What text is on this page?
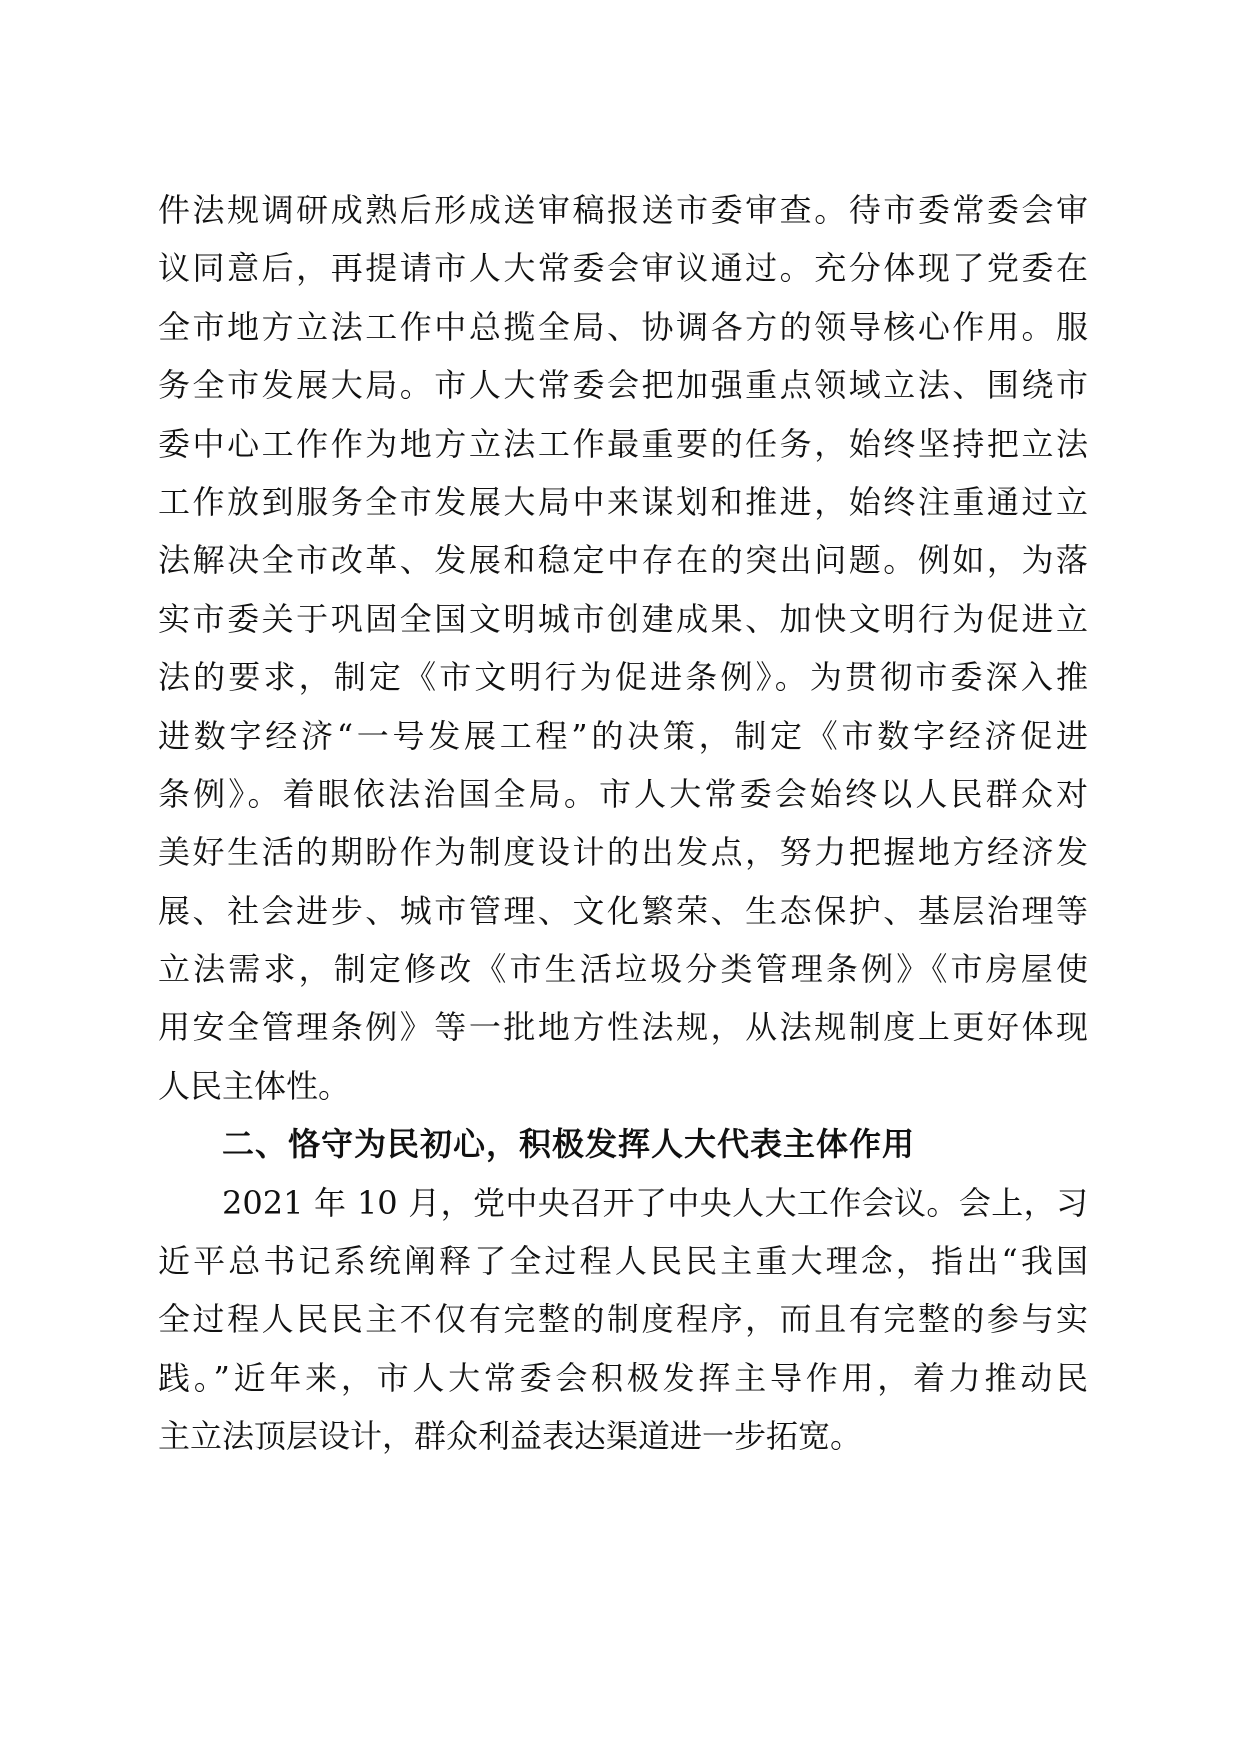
件法规调研成熟后形成送审稿报送市委审查。待市委常委会审
议同意后，再提请市人大常委会审议通过。充分体现了党委在
全市地方立法工作中总揽全局、协调各方的领导核心作用。服
务全市发展大局。市人大常委会把加强重点领域立法、围绕市
委中心工作作为地方立法工作最重要的任务，始终坚持把立法
工作放到服务全市发展大局中来谋划和推进，始终注重通过立
法解决全市改革、发展和稳定中存在的突出问题。例如，为落
实市委关于巩固全国文明城市创建成果、加快文明行为促进立
法的要求，制定《市文明行为促进条例》。为贯彻市委深入推
进数字经济“一号发展工程”的决策，制定《市数字经济促进
条例》。着眼依法治国全局。市人大常委会始终以人民群众对
美好生活的期盼作为制度设计的出发点，努力把握地方经济发
展、社会进步、城市管理、文化繁荣、生态保护、基层治理等
立法需求，制定修改《市生活垃圾分类管理条例》《市房屋使
用安全管理条例》等一批地方性法规，从法规制度上更好体现
人民主体性。
二、恪守为民初心，积极发挥人大代表主体作用
2021 年 10 月，党中央召开了中央人大工作会议。会上，习
近平总书记系统阐释了全过程人民民主重大理念，指出“我国
全过程人民民主不仅有完整的制度程序，而且有完整的参与实
践。”近年来，市人大常委会积极发挥主导作用，着力推动民
主立法顶层设计，群众利益表达渠道进一步拓宽。
